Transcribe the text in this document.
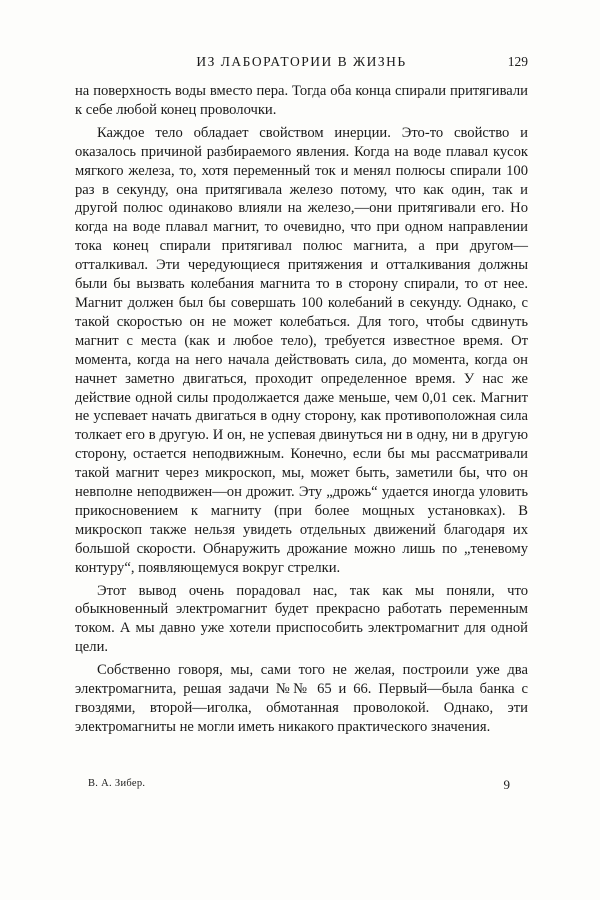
ИЗ ЛАБОРАТОРИИ В ЖИЗНЬ	129

на поверхность воды вместо пера. Тогда оба конца спирали притягивали к себе любой конец проволочки.

Каждое тело обладает свойством инерции. Это-то свойство и оказалось причиной разбираемого явления. Когда на воде плавал кусок мягкого железа, то, хотя переменный ток и менял полюсы спирали 100 раз в секунду, она притягивала железо потому, что как один, так и другой полюс одинаково влияли на железо,—они притягивали его. Но когда на воде плавал магнит, то очевидно, что при одном направлении тока конец спирали притягивал полюс магнита, а при другом—отталкивал. Эти чередующиеся притяжения и отталкивания должны были бы вызвать колебания магнита то в сторону спирали, то от нее. Магнит должен был бы совершать 100 колебаний в секунду. Однако, с такой скоростью он не может колебаться. Для того, чтобы сдвинуть магнит с места (как и любое тело), требуется известное время. От момента, когда на него начала действовать сила, до момента, когда он начнет заметно двигаться, проходит определенное время. У нас же действие одной силы продолжается даже меньше, чем 0,01 сек. Магнит не успевает начать двигаться в одну сторону, как противоположная сила толкает его в другую. И он, не успевая двинуться ни в одну, ни в другую сторону, остается неподвижным. Конечно, если бы мы рассматривали такой магнит через микроскоп, мы, может быть, заметили бы, что он невполне неподвижен—он дрожит. Эту „дрожь“ удается иногда уловить прикосновением к магниту (при более мощных установках). В микроскоп также нельзя увидеть отдельных движений благодаря их большой скорости. Обнаружить дрожание можно лишь по „теневому контуру“, появляющемуся вокруг стрелки.

Этот вывод очень порадовал нас, так как мы поняли, что обыкновенный электромагнит будет прекрасно работать переменным током. А мы давно уже хотели приспособить электромагнит для одной цели.

Собственно говоря, мы, сами того не желая, построили уже два электромагнита, решая задачи №№ 65 и 66. Первый—была банка с гвоздями, второй—иголка, обмотанная проволокой. Однако, эти электромагниты не могли иметь никакого практического значения.

В. А. Зибер.	9
